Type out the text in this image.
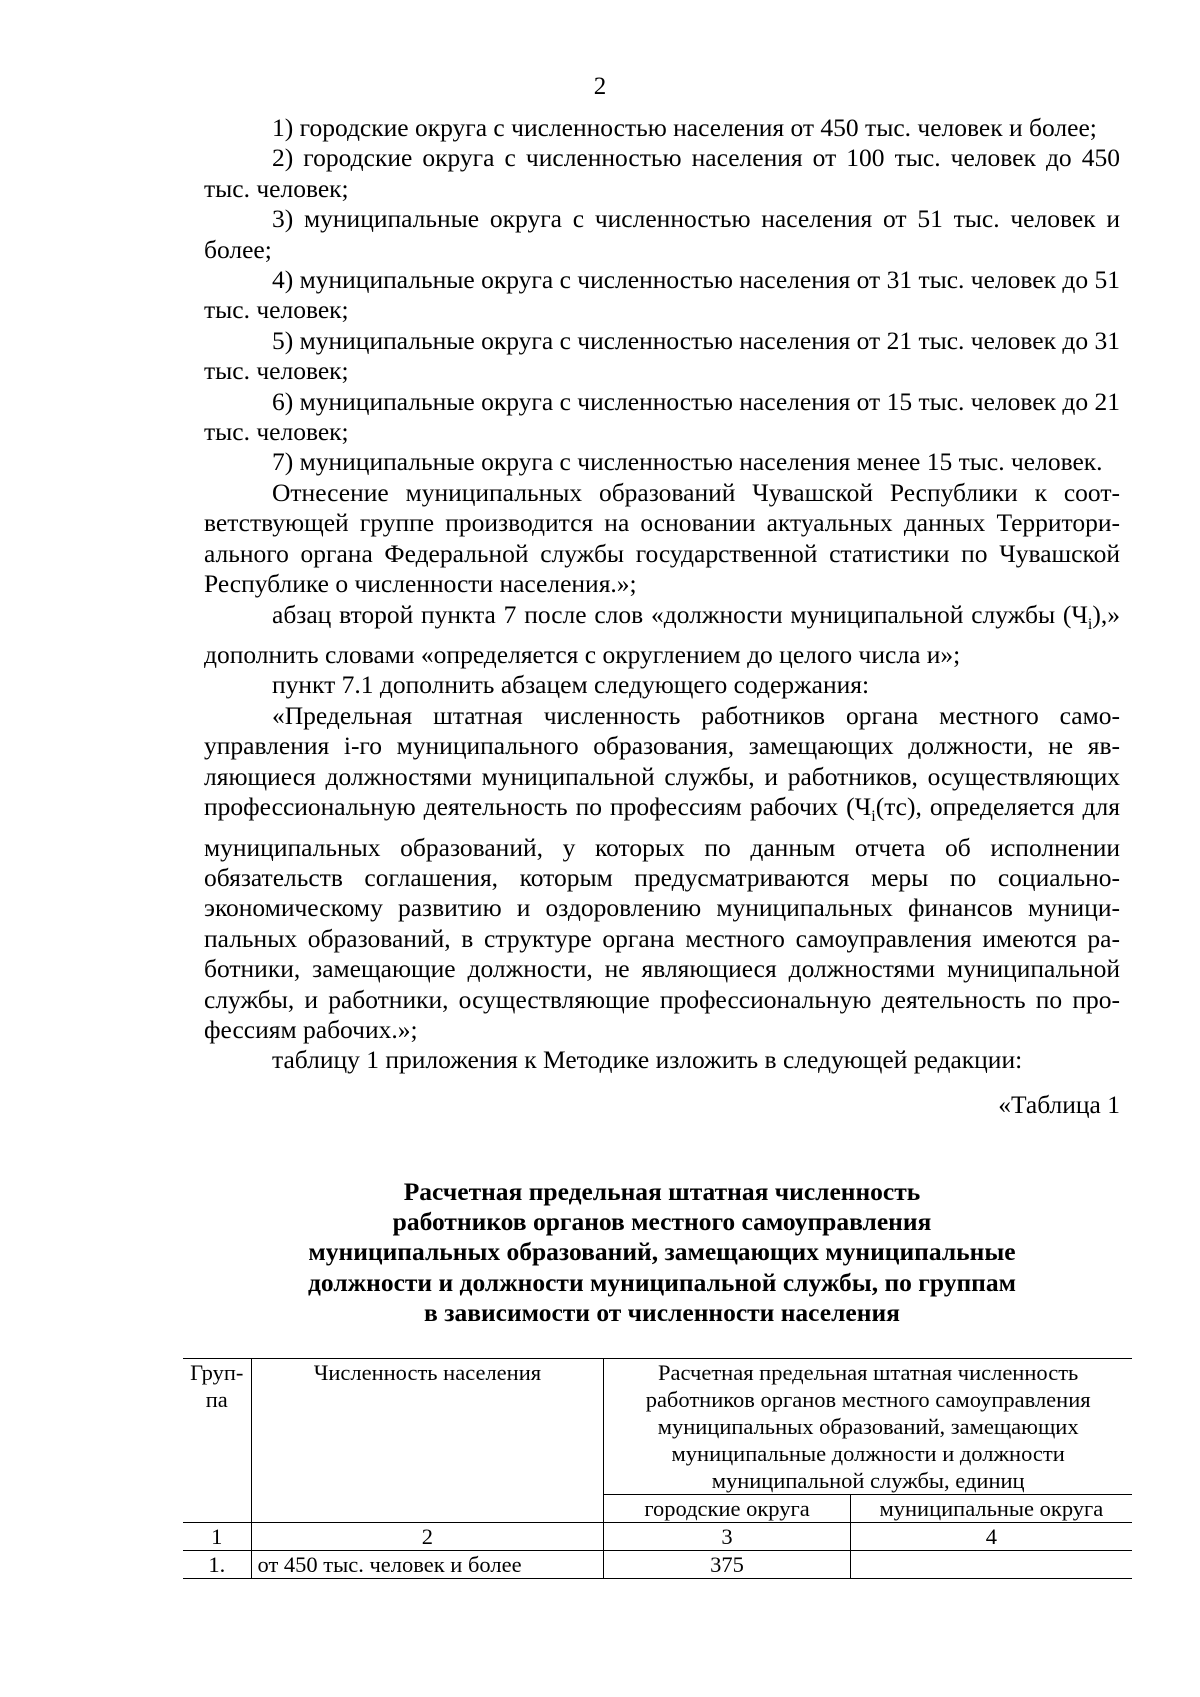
2

1) городские округа с численностью населения от 450 тыс. человек и более;

2) городские округа с численностью населения от 100 тыс. человек до 450 тыс. человек;

3) муниципальные округа с численностью населения от 51 тыс. человек и более;

4) муниципальные округа с численностью населения от 31 тыс. человек до 51 тыс. человек;

5) муниципальные округа с численностью населения от 21 тыс. человек до 31 тыс. человек;

6) муниципальные округа с численностью населения от 15 тыс. человек до 21 тыс. человек;

7) муниципальные округа с численностью населения менее 15 тыс. человек.

Отнесение муниципальных образований Чувашской Республики к соответствующей группе производится на основании актуальных данных Территориального органа Федеральной службы государственной статистики по Чувашской Республике о численности населения.»;

абзац второй пункта 7 после слов «должности муниципальной службы $(Ч_i)$,» дополнить словами «определяется с округлением до целого числа и»;

пункт 7.1 дополнить абзацем следующего содержания:

«Предельная штатная численность работников органа местного самоуправления i-го муниципального образования, замещающих должности, не являющиеся должностями муниципальной службы, и работников, осуществляющих профессиональную деятельность по профессиям рабочих ($Ч_i(тс)$, определяется для муниципальных образований, у которых по данным отчета об исполнении обязательств соглашения, которым предусматриваются меры по социально-экономическому развитию и оздоровлению муниципальных финансов муниципальных образований, в структуре органа местного самоуправления имеются работники, замещающие должности, не являющиеся должностями муниципальной службы, и работники, осуществляющие профессиональную деятельность по профессиям рабочих.»;

таблицу 1 приложения к Методике изложить в следующей редакции:

«Таблица 1

Расчетная предельная штатная численность
работников органов местного самоуправления
муниципальных образований, замещающих муниципальные
должности и должности муниципальной службы, по группам
в зависимости от численности населения
Груп-
па	Численность населения	Расчетная предельная штатная численность работников органов местного самоуправления муниципальных образований, замещающих муниципальные должности и должности муниципальной службы, единиц	
		городские округа	муниципальные округа
1	2	3	4
1.	от 450 тыс. человек и более	375	
